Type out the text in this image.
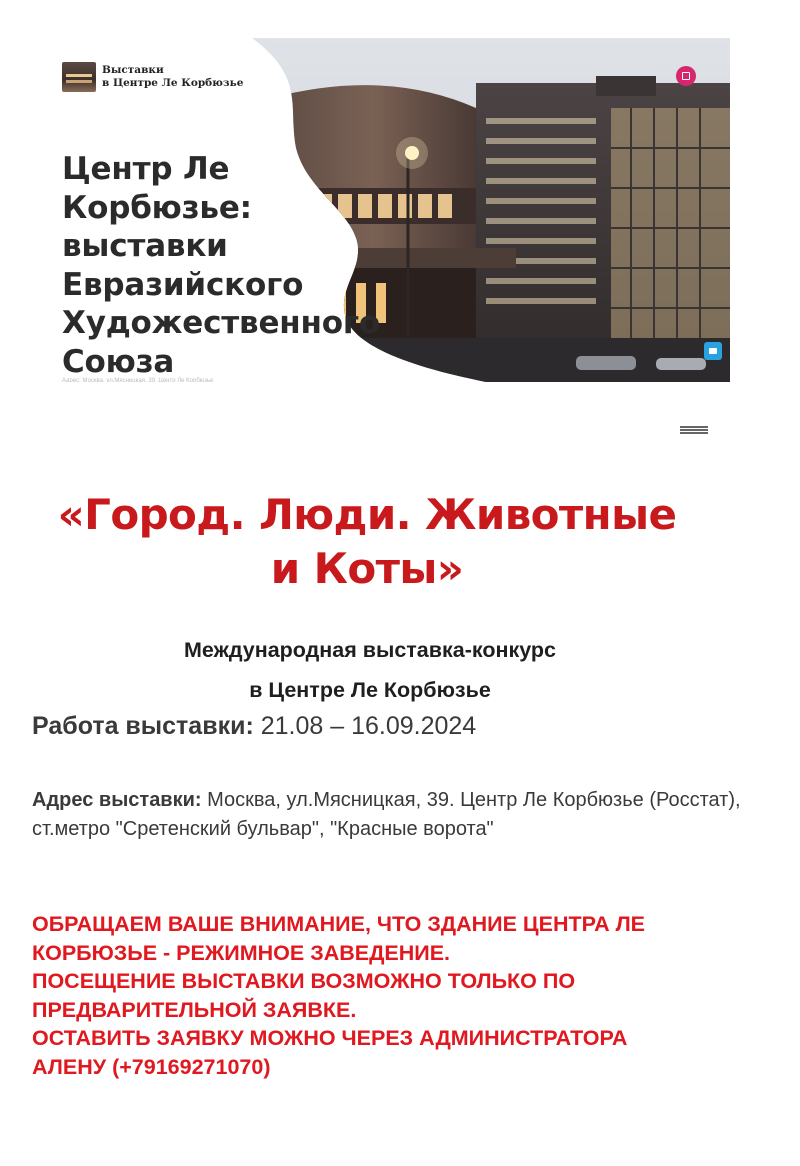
Выставки
в Центре Ле Корбюзье
Центр Ле
Корбюзье:
выставки
Евразийского
Художественного
Союза
Адрес: Москва, ул.Мясницкая, 39. Центр Ле Корбюзье
«Город. Люди. Животные
и Коты»
Международная выставка-конкурс
в Центре Ле Корбюзье
Работа выставки: 21.08 – 16.09.2024
Адрес выставки: Москва, ул.Мясницкая, 39. Центр Ле Корбюзье (Росстат), ст.метро "Сретенский бульвар", "Красные ворота"
ОБРАЩАЕМ ВАШЕ ВНИМАНИЕ, ЧТО ЗДАНИЕ ЦЕНТРА ЛЕ
КОРБЮЗЬЕ - РЕЖИМНОЕ ЗАВЕДЕНИЕ.
ПОСЕЩЕНИЕ ВЫСТАВКИ ВОЗМОЖНО ТОЛЬКО ПО
ПРЕДВАРИТЕЛЬНОЙ ЗАЯВКЕ.
ОСТАВИТЬ ЗАЯВКУ МОЖНО ЧЕРЕЗ АДМИНИСТРАТОРА
АЛЕНУ (+79169271070)
